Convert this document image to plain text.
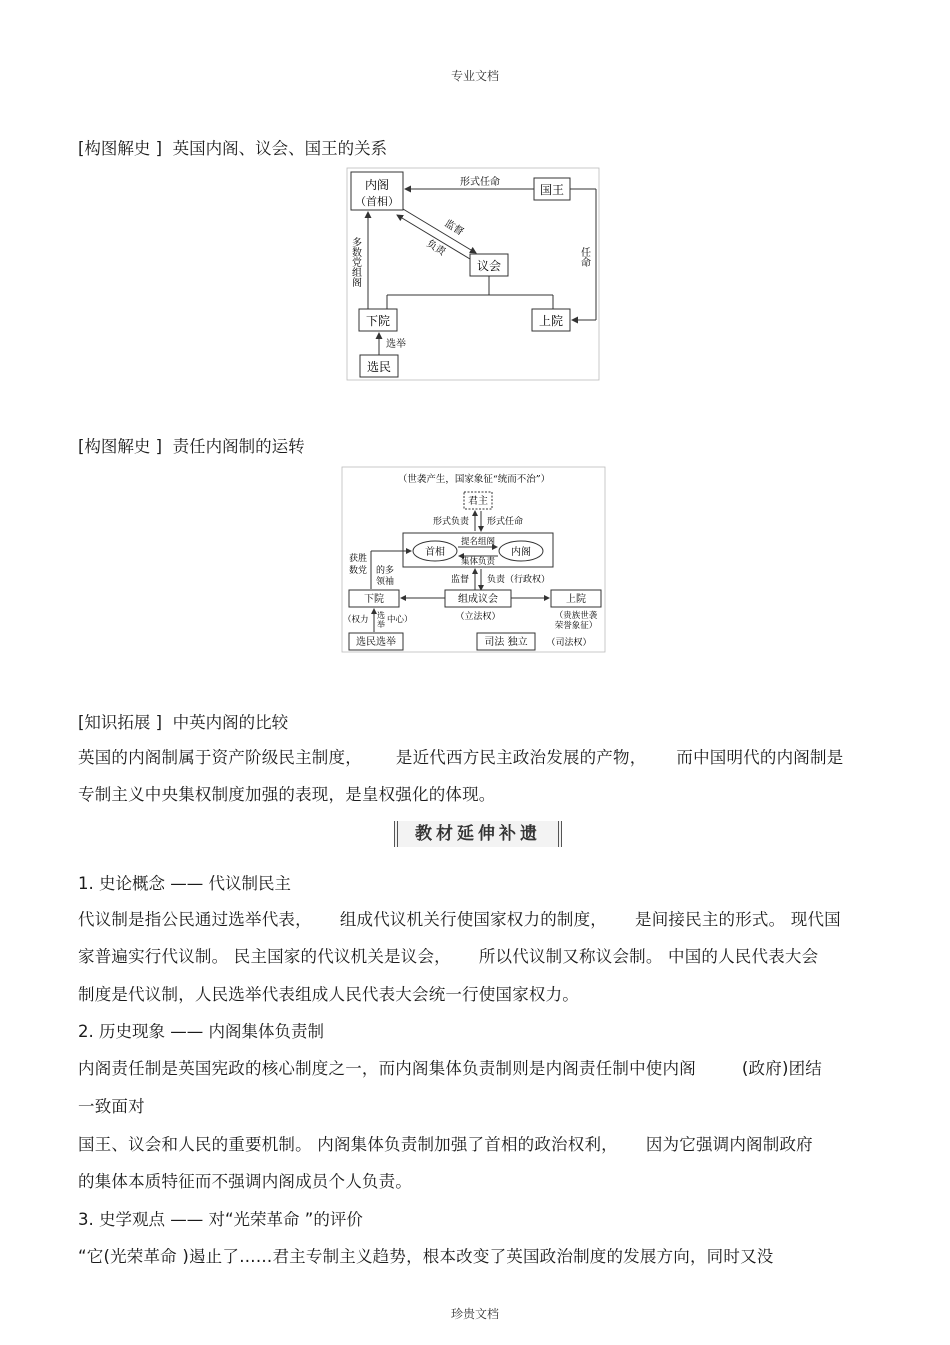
专业文档
珍贵文档
[构图解史 ] 英国内阁、议会、国王的关系
内阁
（首相）
国王
议会
下院	上院
选民
形式任命
监督
负责
多数党组阁	任命
选举
[构图解史 ] 责任内阁制的运转
（世袭产生，国家象征“统而不治”）
君主
形式负责 形式任命
首相	内阁
提名组阁
集体负责
获胜
数党 的多
领袖	监督 负责（行政权）
下院	组成议会	上院
（立法权）	（贵族世袭
荣誉象征）
（权力 选
举 中心）
选民选举	司法 独立 （司法权）
[知识拓展 ] 中英内阁的比较
英国的内阁制属于资产阶级民主制度， 是近代西方民主政治发展的产物， 而中国明代的内阁制是
专制主义中央集权制度加强的表现，是皇权强化的体现。
教材延伸补遗
1. 史论概念 —— 代议制民主
代议制是指公民通过选举代表， 组成代议机关行使国家权力的制度， 是间接民主的形式。 现代国
家普遍实行代议制。 民主国家的代议机关是议会， 所以代议制又称议会制。 中国的人民代表大会
制度是代议制，人民选举代表组成人民代表大会统一行使国家权力。
2. 历史现象 —— 内阁集体负责制
内阁责任制是英国宪政的核心制度之一，而内阁集体负责制则是内阁责任制中使内阁	(政府)团结
一致面对
国王、议会和人民的重要机制。 内阁集体负责制加强了首相的政治权利， 因为它强调内阁制政府
的集体本质特征而不强调内阁成员个人负责。
3. 史学观点 —— 对“光荣革命 ”的评价
“它(光荣革命 )遏止了……君主专制主义趋势，根本改变了英国政治制度的发展方向，同时又没
